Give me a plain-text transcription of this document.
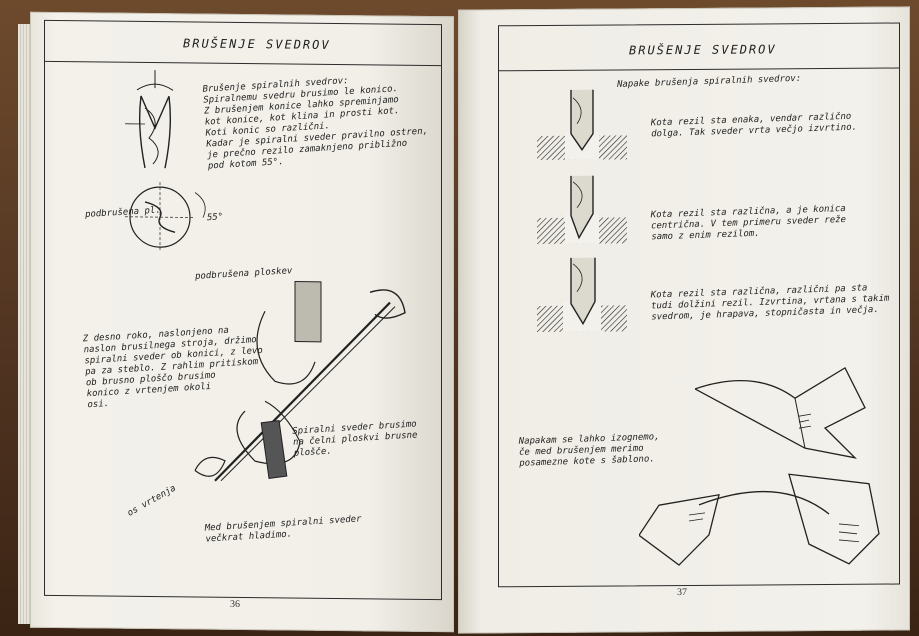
BRUŠENJE SVEDROV
Brušenje spiralnih svedrov:
Spiralnemu svedru brusimo le konico.
Z brušenjem konice lahko spreminjamo
kot konice, kot klina in prosti kot.
Koti konic so različni.
Kadar je spiralni sveder pravilno ostren,
je prečno rezilo zamaknjeno približno
pod kotom 55°.
podbrušena pl.	55°
podbrušena ploskev
Z desno roko, naslonjeno na
naslon brusilnega stroja, držimo
spiralni sveder ob konici, z levo
pa za steblo. Z rahlim pritiskom
ob brusno ploščo brusimo
konico z vrtenjem okoli
osi.
Spiralni sveder brusimo
na čelni ploskvi brusne
plošče.
os vrtenja
Med brušenjem spiralni sveder
večkrat hladimo.
36
BRUŠENJE SVEDROV
Napake brušenja spiralnih svedrov:
Kota rezil sta enaka, vendar različno
dolga. Tak sveder vrta večjo izvrtino.
Kota rezil sta različna, a je konica
centrična. V tem primeru sveder reže
samo z enim rezilom.
Kota rezil sta različna, različni pa sta
tudi dolžini rezil. Izvrtina, vrtana s takim
svedrom, je hrapava, stopničasta in večja.
Napakam se lahko izognemo,
če med brušenjem merimo
posamezne kote s šablono.
37
